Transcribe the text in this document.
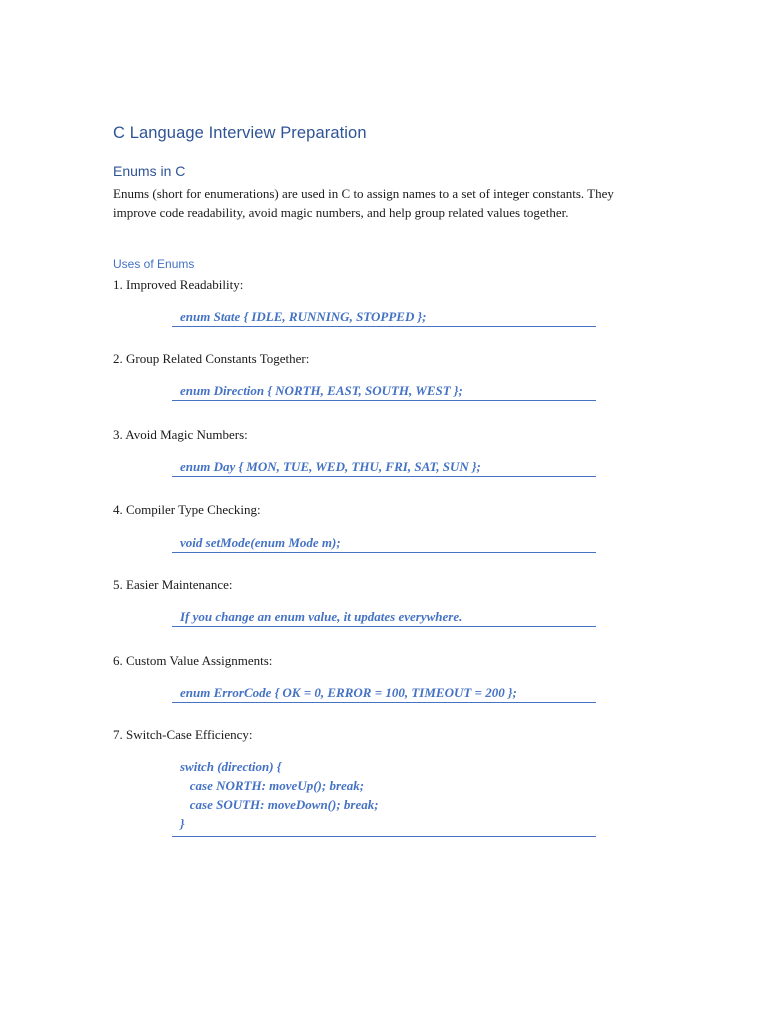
C Language Interview Preparation
Enums in C

Enums (short for enumerations) are used in C to assign names to a set of integer constants. They improve code readability, avoid magic numbers, and help group related values together.

Uses of Enums

1. Improved Readability:

enum State { IDLE, RUNNING, STOPPED };

2. Group Related Constants Together:

enum Direction { NORTH, EAST, SOUTH, WEST };

3. Avoid Magic Numbers:

enum Day { MON, TUE, WED, THU, FRI, SAT, SUN };

4. Compiler Type Checking:

void setMode(enum Mode m);

5. Easier Maintenance:

If you change an enum value, it updates everywhere.

6. Custom Value Assignments:

enum ErrorCode { OK = 0, ERROR = 100, TIMEOUT = 200 };

7. Switch-Case Efficiency:

switch (direction) {
case NORTH: moveUp(); break;
case SOUTH: moveDown(); break;
}
